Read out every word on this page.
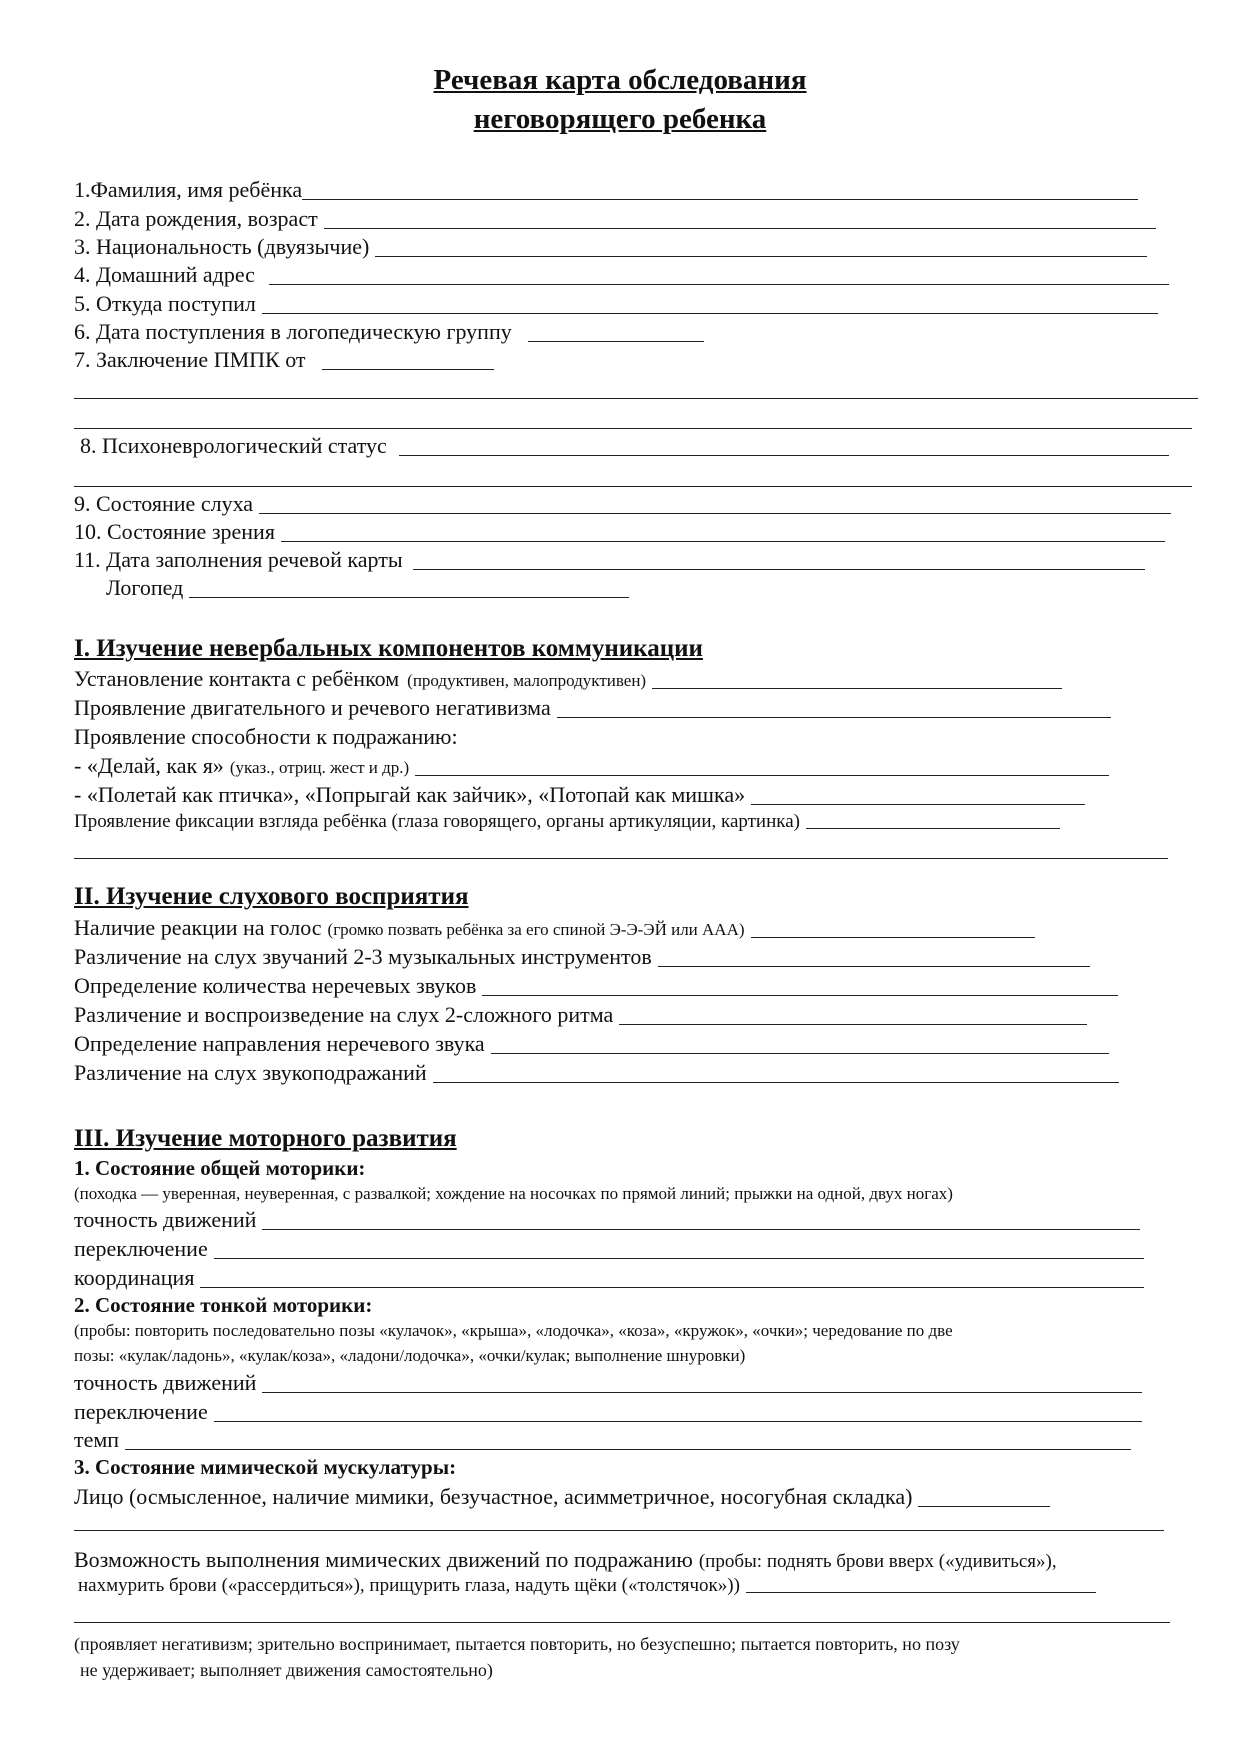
Речевая карта обследования
неговорящего ребенка
1.Фамилия, имя ребёнка
2. Дата рождения, возраст
3. Национальность (двуязычие)
4. Домашний адрес
5. Откуда поступил
6. Дата поступления в логопедическую группу
7. Заключение ПМПК от
8. Психоневрологический статус
9. Состояние слуха
10. Состояние зрения
11. Дата заполнения речевой карты
Логопед
I. Изучение невербальных компонентов коммуникации
Установление контакта с ребёнком (продуктивен, малопродуктивен)
Проявление двигательного и речевого негативизма
Проявление способности к подражанию:
- «Делай, как я» (указ., отриц. жест и др.)
- «Полетай как птичка», «Попрыгай как зайчик», «Потопай как мишка»
Проявление фиксации взгляда ребёнка (глаза говорящего, органы артикуляции, картинка)
II. Изучение слухового восприятия
Наличие реакции на голос (громко позвать ребёнка за его спиной Э-Э-ЭЙ или ААА)
Различение на слух звучаний 2-3 музыкальных инструментов
Определение количества неречевых звуков
Различение и воспроизведение на слух 2-сложного ритма
Определение направления неречевого звука
Различение на слух звукоподражаний
III. Изучение моторного развития
1. Состояние общей моторики:
(походка — уверенная, неуверенная, с развалкой; хождение на носочках по прямой линий; прыжки на одной, двух ногах)
точность движений
переключение
координация
2. Состояние тонкой моторики:
(пробы: повторить последовательно позы «кулачок», «крыша», «лодочка», «коза», «кружок», «очки»; чередование по две
позы: «кулак/ладонь», «кулак/коза», «ладони/лодочка», «очки/кулак; выполнение шнуровки)
точность движений
переключение
темп
3. Состояние мимической мускулатуры:
Лицо (осмысленное, наличие мимики, безучастное, асимметричное, носогубная складка)
Возможность выполнения мимических движений по подражанию (пробы: поднять брови вверх («удивиться»),
нахмурить брови («рассердиться»), прищурить глаза, надуть щёки («толстячок»))
(проявляет негативизм; зрительно воспринимает, пытается повторить, но безуспешно; пытается повторить, но позу
не удерживает; выполняет движения самостоятельно)
